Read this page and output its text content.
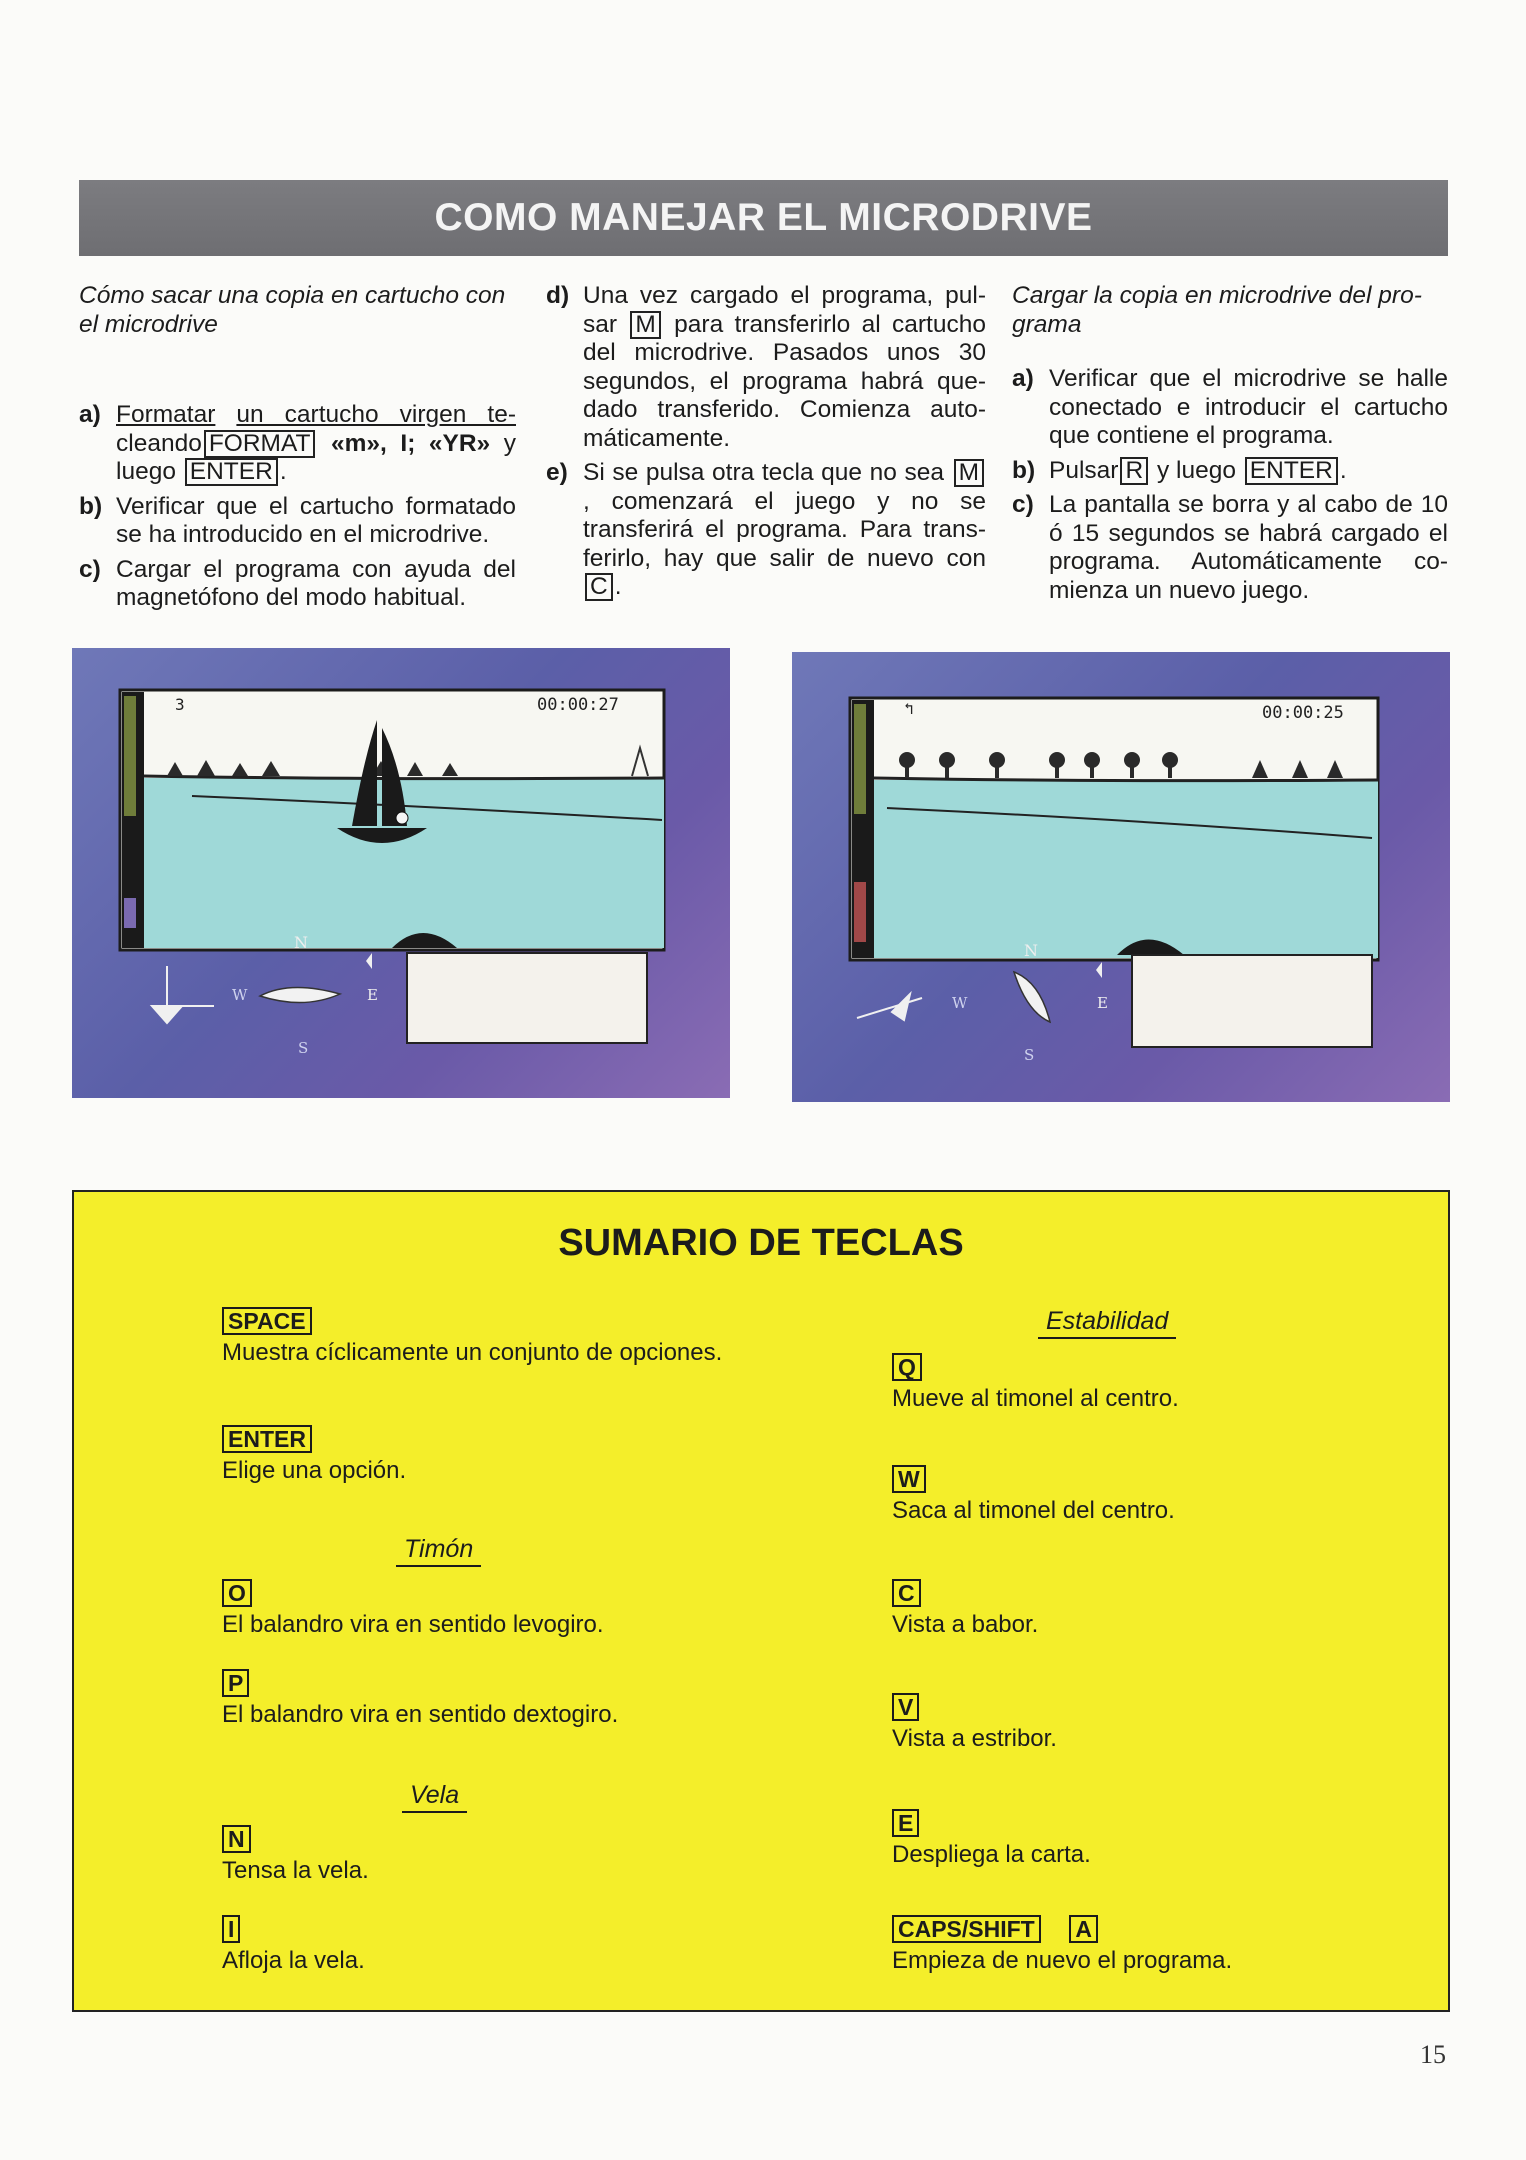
COMO MANEJAR EL MICRODRIVE
Cómo sacar una copia en cartucho con el microdrive
a) Formatar un cartucho virgen te- cleando FORMAT «m», I; «YR» y luego ENTER .
b) Verificar que el cartucho formatado se ha introducido en el microdrive.
c) Cargar el programa con ayuda del magnetófono del modo habitual.
d) Una vez cargado el programa, pul-sar M para transferirlo al cartucho del microdrive. Pasados unos 30 segundos, el programa habrá que-dado transferido. Comienza auto-máticamente.
e) Si se pulsa otra tecla que no sea M, comenzará el juego y no se transferirá el programa. Para trans-ferirlo, hay que salir de nuevo con C .
Cargar la copia en microdrive del pro-grama
a) Verificar que el microdrive se halle conectado e introducir el cartucho que contiene el programa.
b) Pulsar R y luego ENTER .
c) La pantalla se borra y al cabo de 10 ó 15 segundos se habrá cargado el programa. Automáticamente co-mienza un nuevo juego.
3	00:00:27
N
W	E
S
↰	00:00:25
N
W	E
S
SUMARIO DE TECLAS
SPACE
Muestra cíclicamente un conjunto de opciones.
ENTER
Elige una opción.
Timón
O
El balandro vira en sentido levogiro.
P
El balandro vira en sentido dextogiro.
Vela
N
Tensa la vela.
I
Afloja la vela.
Estabilidad
Q
Mueve al timonel al centro.
W
Saca al timonel del centro.
C
Vista a babor.
V
Vista a estribor.
E
Despliega la carta.
CAPS/SHIFT A
Empieza de nuevo el programa.
15
